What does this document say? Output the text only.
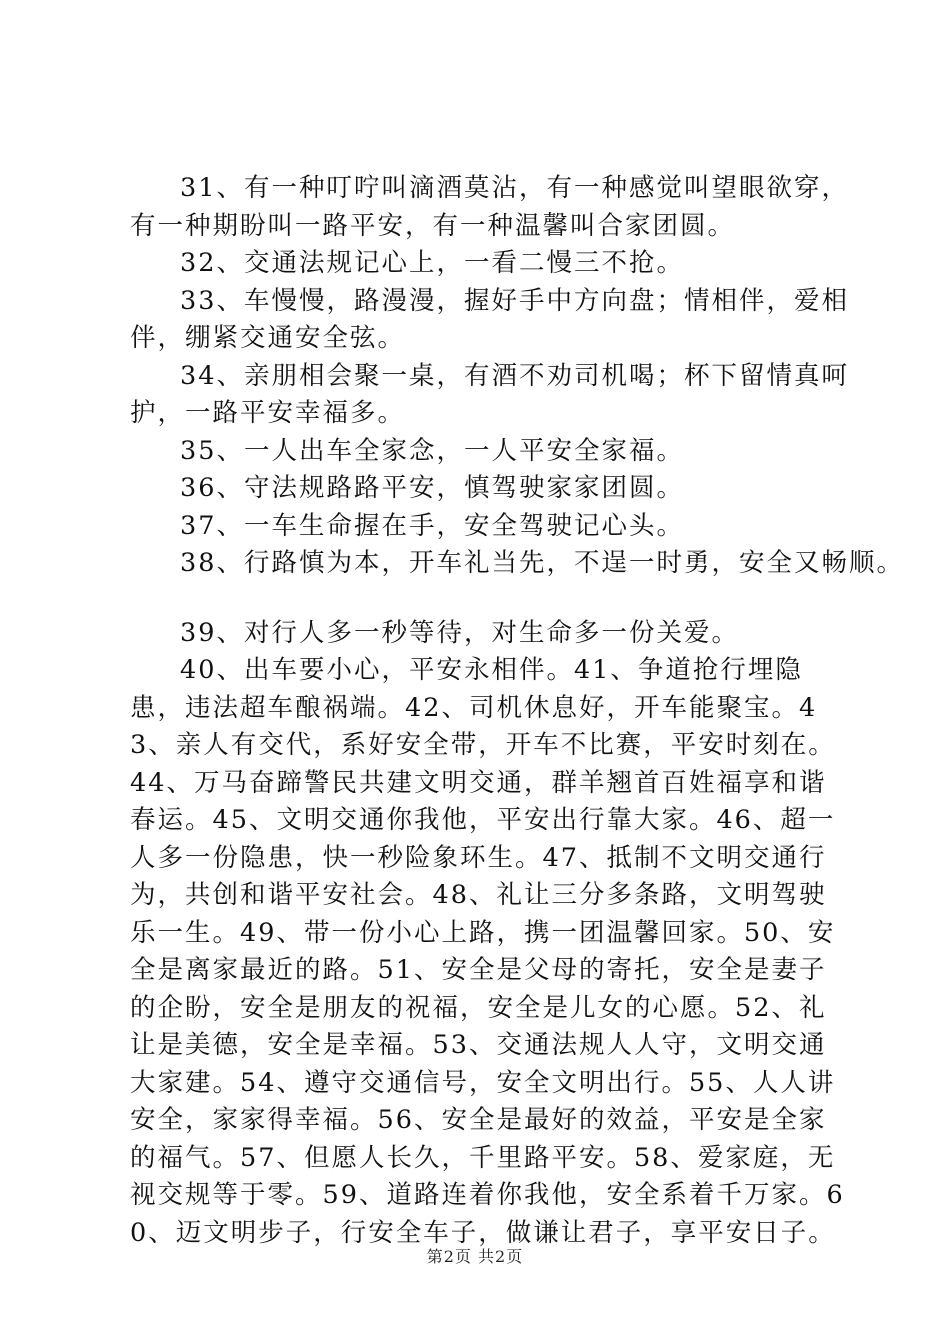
31、有一种叮咛叫滴酒莫沾，有一种感觉叫望眼欲穿，有一种期盼叫一路平安，有一种温馨叫合家团圆。

32、交通法规记心上，一看二慢三不抢。

33、车慢慢，路漫漫，握好手中方向盘；情相伴，爱相伴，绷紧交通安全弦。

34、亲朋相会聚一桌，有酒不劝司机喝；杯下留情真呵护，一路平安幸福多。

35、一人出车全家念，一人平安全家福。

36、守法规路路平安，慎驾驶家家团圆。

37、一车生命握在手，安全驾驶记心头。

38、行路慎为本，开车礼当先，不逞一时勇，安全又畅顺。

39、对行人多一秒等待，对生命多一份关爱。

40、出车要小心，平安永相伴。41、争道抢行埋隐患，违法超车酿祸端。42、司机休息好，开车能聚宝。43、亲人有交代，系好安全带，开车不比赛，平安时刻在。44、万马奋蹄警民共建文明交通，群羊翘首百姓福享和谐春运。45、文明交通你我他，平安出行靠大家。46、超一人多一份隐患，快一秒险象环生。47、抵制不文明交通行为，共创和谐平安社会。48、礼让三分多条路，文明驾驶乐一生。49、带一份小心上路，携一团温馨回家。50、安全是离家最近的路。51、安全是父母的寄托，安全是妻子的企盼，安全是朋友的祝福，安全是儿女的心愿。52、礼让是美德，安全是幸福。53、交通法规人人守，文明交通大家建。54、遵守交通信号，安全文明出行。55、人人讲安全，家家得幸福。56、安全是最好的效益，平安是全家的福气。57、但愿人长久，千里路平安。58、爱家庭，无视交规等于零。59、道路连着你我他，安全系着千万家。60、迈文明步子，行安全车子，做谦让君子，享平安日子。

第2页 共2页
